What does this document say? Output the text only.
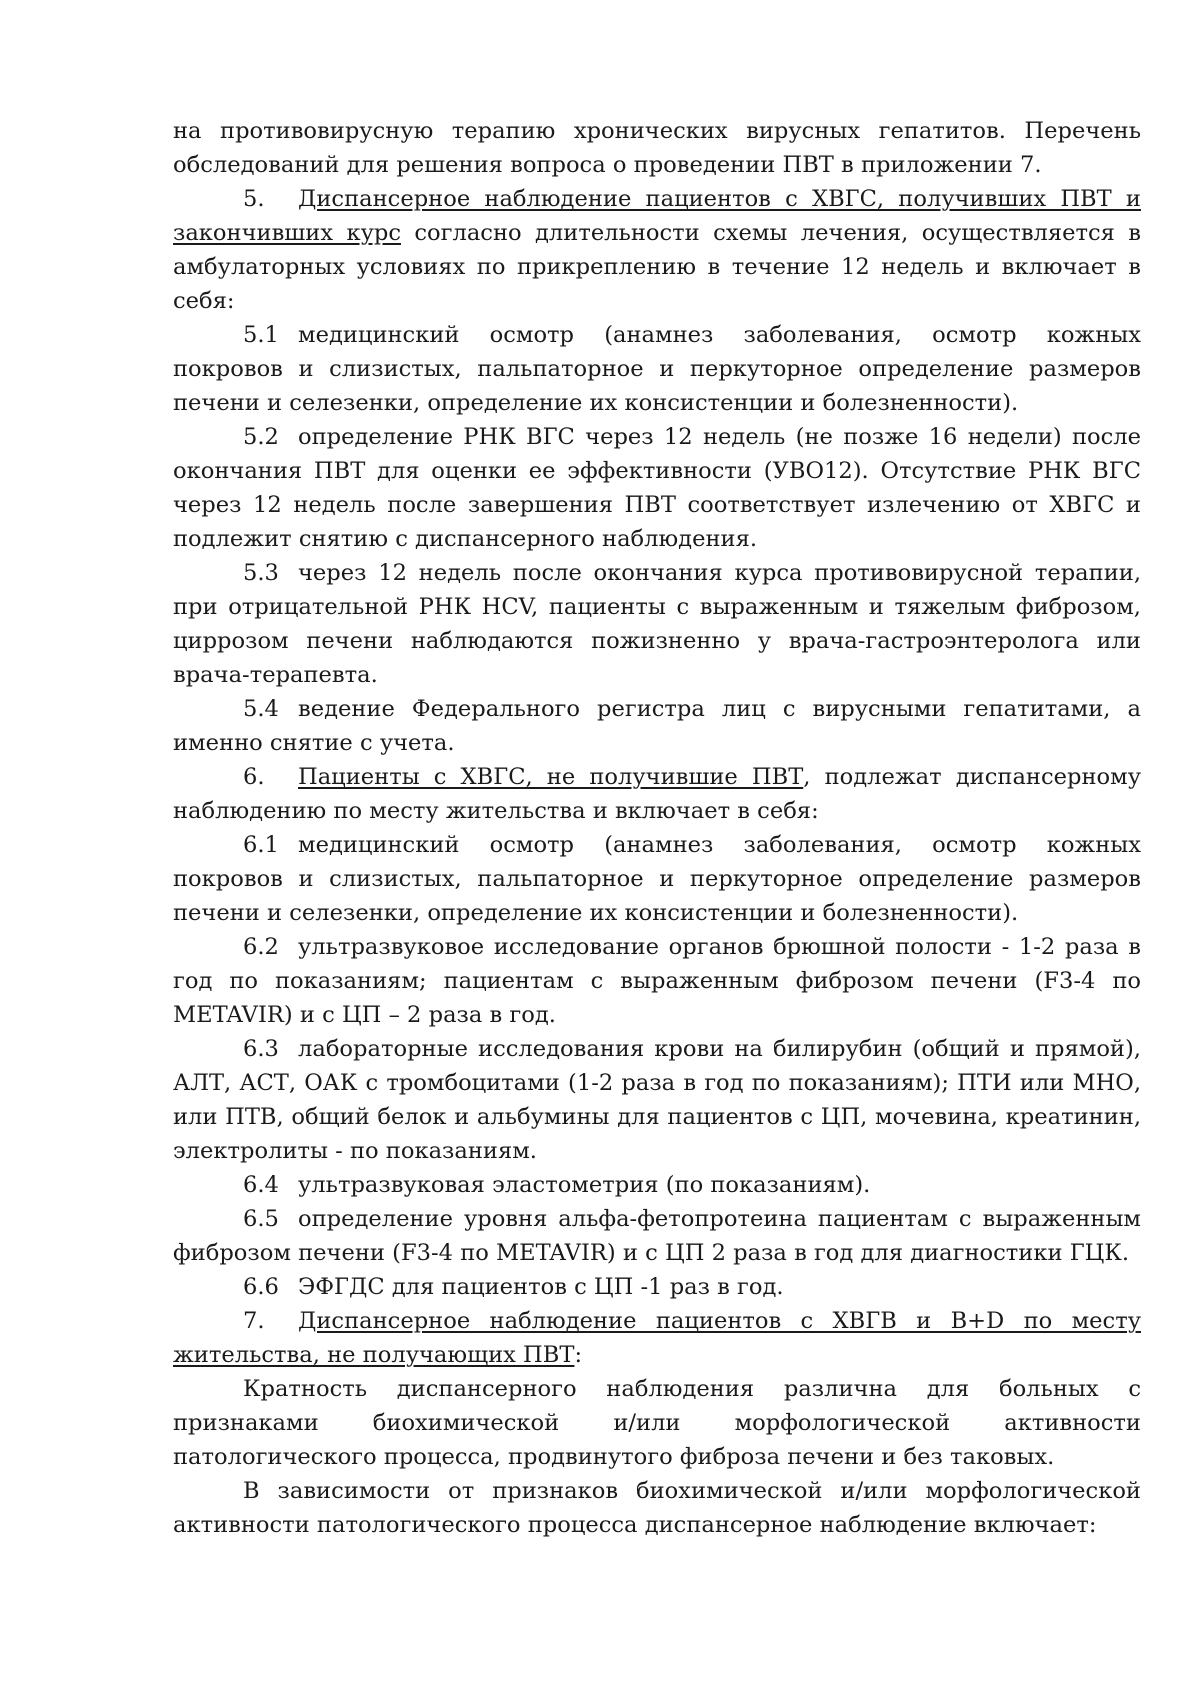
на противовирусную терапию хронических вирусных гепатитов. Перечень обследований для решения вопроса о проведении ПВТ в приложении 7.

5. Диспансерное наблюдение пациентов с ХВГС, получивших ПВТ и закончивших курс согласно длительности схемы лечения, осуществляется в амбулаторных условиях по прикреплению в течение 12 недель и включает в себя:

5.1 медицинский осмотр (анамнез заболевания, осмотр кожных покровов и слизистых, пальпаторное и перкуторное определение размеров печени и селезенки, определение их консистенции и болезненности).

5.2 определение РНК ВГС через 12 недель (не позже 16 недели) после окончания ПВТ для оценки ее эффективности (УВО12). Отсутствие РНК ВГС через 12 недель после завершения ПВТ соответствует излечению от ХВГС и подлежит снятию с диспансерного наблюдения.

5.3 через 12 недель после окончания курса противовирусной терапии, при отрицательной РНК HCV, пациенты с выраженным и тяжелым фиброзом, циррозом печени наблюдаются пожизненно у врача-гастроэнтеролога или врача-терапевта.

5.4 ведение Федерального регистра лиц с вирусными гепатитами, а именно снятие с учета.

6. Пациенты с ХВГС, не получившие ПВТ, подлежат диспансерному наблюдению по месту жительства и включает в себя:

6.1 медицинский осмотр (анамнез заболевания, осмотр кожных покровов и слизистых, пальпаторное и перкуторное определение размеров печени и селезенки, определение их консистенции и болезненности).

6.2 ультразвуковое исследование органов брюшной полости - 1-2 раза в год по показаниям; пациентам с выраженным фиброзом печени (F3-4 по METAVIR) и с ЦП – 2 раза в год.

6.3 лабораторные исследования крови на билирубин (общий и прямой), АЛТ, АСТ, ОАК с тромбоцитами (1-2 раза в год по показаниям); ПТИ или МНО, или ПТВ, общий белок и альбумины для пациентов с ЦП, мочевина, креатинин, электролиты - по показаниям.

6.4 ультразвуковая эластометрия (по показаниям).

6.5 определение уровня альфа-фетопротеина пациентам с выраженным фиброзом печени (F3-4 по METAVIR) и с ЦП 2 раза в год для диагностики ГЦК.

6.6 ЭФГДС для пациентов с ЦП -1 раз в год.

7. Диспансерное наблюдение пациентов с ХВГВ и B+D по месту жительства, не получающих ПВТ:

Кратность диспансерного наблюдения различна для больных с признаками биохимической и/или морфологической активности патологического процесса, продвинутого фиброза печени и без таковых.

В зависимости от признаков биохимической и/или морфологической активности патологического процесса диспансерное наблюдение включает:
